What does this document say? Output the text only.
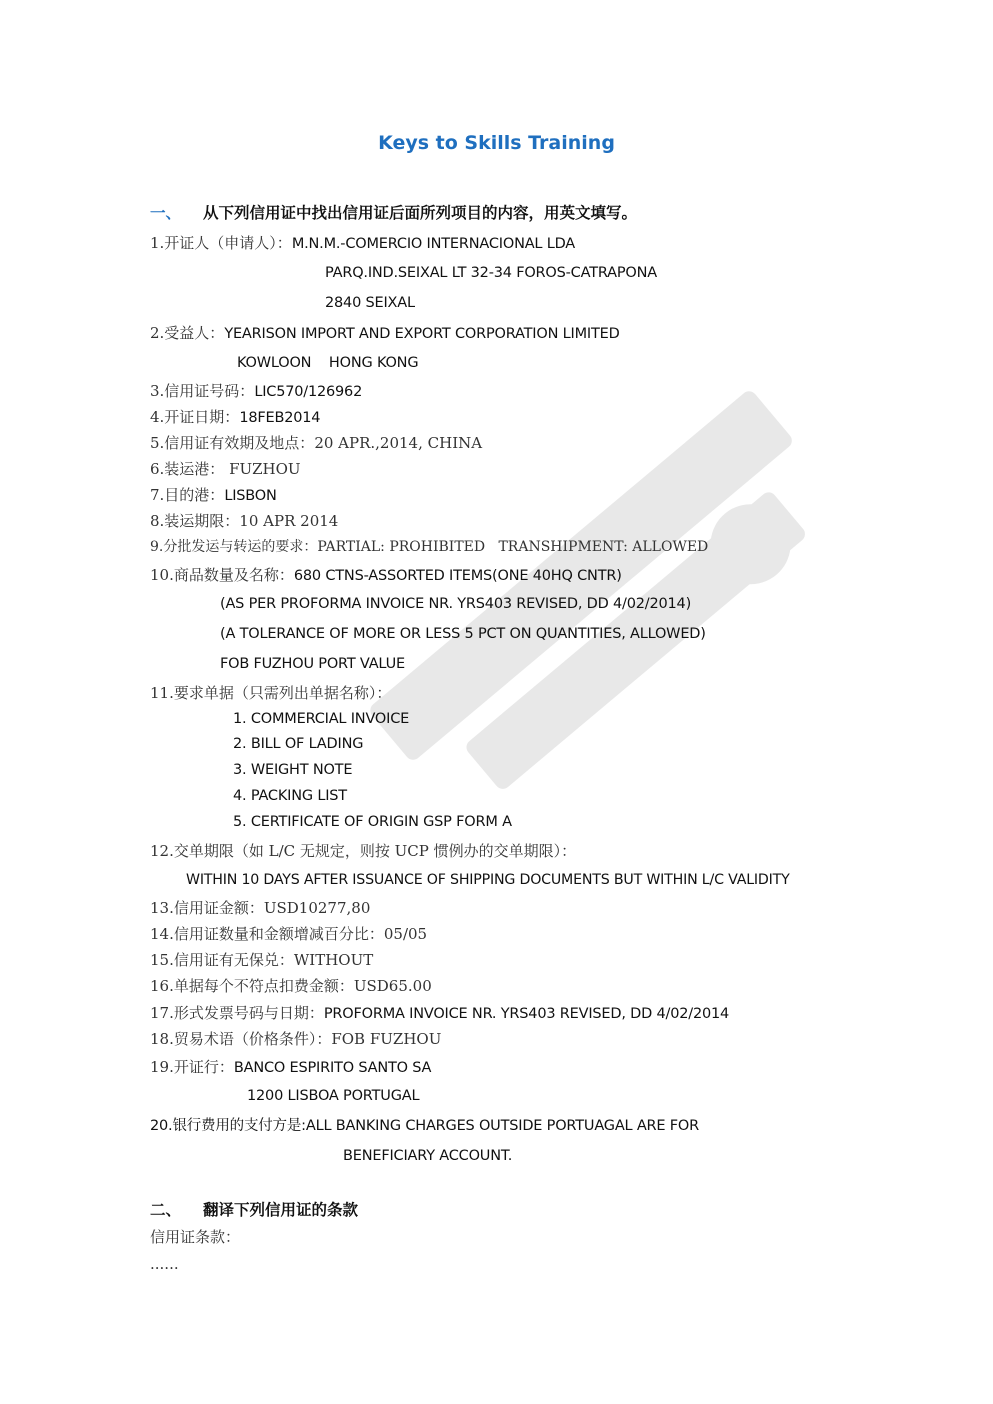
Keys to Skills Training
一、 从下列信用证中找出信用证后面所列项目的内容，用英文填写。
1.开证人（申请人）：M.N.M.-COMERCIO INTERNACIONAL LDA
PARQ.IND.SEIXAL LT 32-34 FOROS-CATRAPONA
2840 SEIXAL
2.受益人：YEARISON IMPORT AND EXPORT CORPORATION LIMITED
KOWLOON    HONG KONG
3.信用证号码：LIC570/126962
4.开证日期：18FEB2014
5.信用证有效期及地点：20 APR.,2014, CHINA
6.装运港： FUZHOU
7.目的港：LISBON
8.装运期限：10 APR 2014
9.分批发运与转运的要求：PARTIAL: PROHIBITED   TRANSHIPMENT: ALLOWED
10.商品数量及名称：680 CTNS-ASSORTED ITEMS(ONE 40HQ CNTR)
(AS PER PROFORMA INVOICE NR. YRS403 REVISED, DD 4/02/2014)
(A TOLERANCE OF MORE OR LESS 5 PCT ON QUANTITIES, ALLOWED)
FOB FUZHOU PORT VALUE
11.要求单据（只需列出单据名称）：
1. COMMERCIAL INVOICE
2. BILL OF LADING
3. WEIGHT NOTE
4. PACKING LIST
5. CERTIFICATE OF ORIGIN GSP FORM A
12.交单期限（如 L/C 无规定，则按 UCP 惯例办的交单期限）：
WITHIN 10 DAYS AFTER ISSUANCE OF SHIPPING DOCUMENTS BUT WITHIN L/C VALIDITY
13.信用证金额：USD10277,80
14.信用证数量和金额增减百分比：05/05
15.信用证有无保兑：WITHOUT
16.单据每个不符点扣费金额：USD65.00
17.形式发票号码与日期：PROFORMA INVOICE NR. YRS403 REVISED, DD 4/02/2014
18.贸易术语（价格条件）：FOB FUZHOU
19.开证行：BANCO ESPIRITO SANTO SA
1200 LISBOA PORTUGAL
20.银行费用的支付方是:ALL BANKING CHARGES OUTSIDE PORTUAGAL ARE FOR
BENEFICIARY ACCOUNT.
二、 翻译下列信用证的条款
信用证条款：
......
